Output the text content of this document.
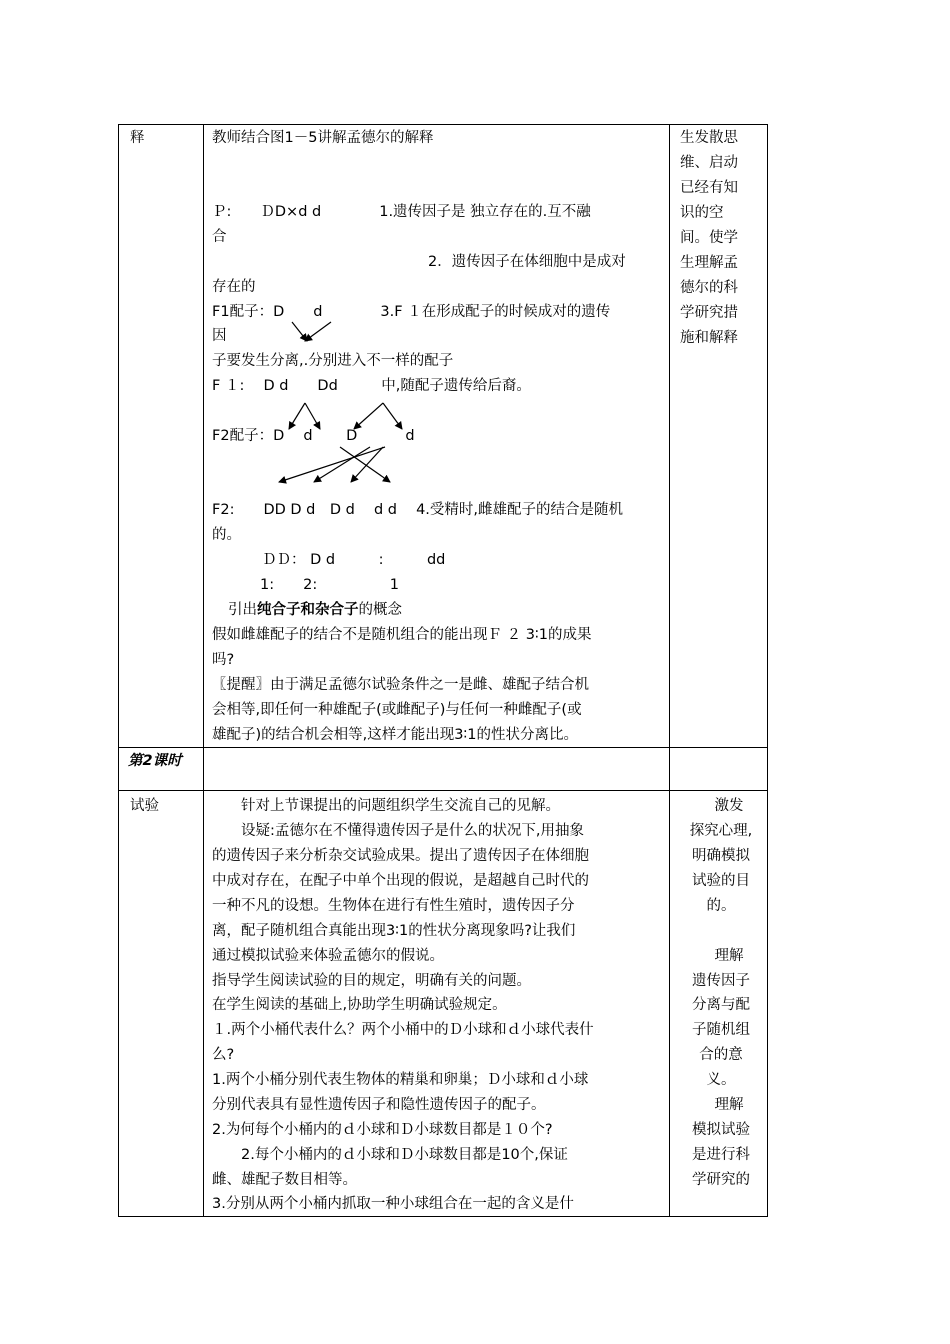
释	教师结合图1－5讲解孟德尔的解释
Ｐ:　　ＤD×d d　　　　1.遗传因子是 独立存在的.互不融
合
2．遗传因子在体细胞中是成对
存在的
F1配子：D　　d　　　　3.F １在形成配子的时候成对的遗传
因
子要发生分离,.分别进入不一样的配子
F １:　 D d　　Dd　　　中,随配子遗传给后裔。
F2配子：D　 d　　 D　　　 d
F2:　　DD D d　D d　 d d　 4.受精时,雌雄配子的结合是随机
的。
ＤＤ： D d　　　:　　　dd
1:　　2:　　　　　1
引出纯合子和杂合子的概念
假如雌雄配子的结合不是随机组合的能出现Ｆ ２ 3∶1的成果
吗?
〖提醒〗由于满足孟德尔试验条件之一是雌、雄配子结合机
会相等,即任何一种雄配子(或雌配子)与任何一种雌配子(或
雄配子)的结合机会相等,这样才能出现3∶1的性状分离比。
生发散思
维、启动
已经有知
识的空
间。使学
生理解孟
德尔的科
学研究措
施和解释
第2课时
试验	　　针对上节课提出的问题组织学生交流自己的见解。
　　设疑:孟德尔在不懂得遗传因子是什么的状况下,用抽象
的遗传因子来分析杂交试验成果。提出了遗传因子在体细胞
中成对存在，在配子中单个出现的假说，是超越自己时代的
一种不凡的设想。生物体在进行有性生殖时，遗传因子分
离，配子随机组合真能出现3∶1的性状分离现象吗?让我们
通过模拟试验来体验孟德尔的假说。
指导学生阅读试验的目的规定，明确有关的问题。
在学生阅读的基础上,协助学生明确试验规定。
１.两个小桶代表什么？两个小桶中的Ｄ小球和ｄ小球代表什
么?
1.两个小桶分别代表生物体的精巢和卵巢；Ｄ小球和ｄ小球
分别代表具有显性遗传因子和隐性遗传因子的配子。
2.为何每个小桶内的ｄ小球和Ｄ小球数目都是１０个?
　　2.每个小桶内的ｄ小球和Ｄ小球数目都是10个,保证
雌、雄配子数目相等。
3.分别从两个小桶内抓取一种小球组合在一起的含义是什
激发
探究心理,
明确模拟
试验的目
的。
理解
遗传因子
分离与配
子随机组
合的意
义。
理解
模拟试验
是进行科
学研究的
